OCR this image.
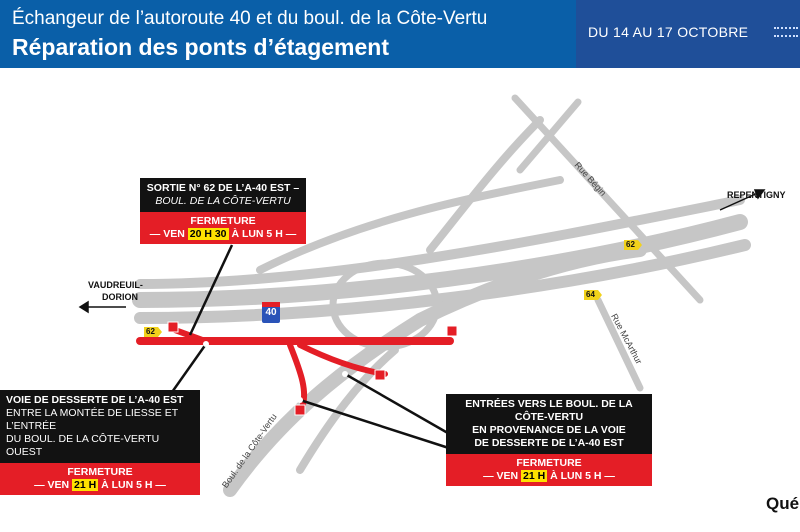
Échangeur de l’autoroute 40 et du boul. de la Côte-Vertu
Réparation des ponts d’étagement
DU 14 AU 17 OCTOBRE
40
62
64
62
REPENTIGNY
VAUDREUIL-
DORION
Rue Bégin
Rue McArthur
Boul. de la Côte-Vertu
SORTIE N° 62 DE L’A-40 EST –
BOUL. DE LA CÔTE-VERTU
FERMETURE
— VEN 20 H 30 À LUN 5 H —
VOIE DE DESSERTE DE L’A-40 EST
ENTRE LA MONTÉE DE LIESSE ET L’ENTRÉE
DU BOUL. DE LA CÔTE-VERTU OUEST
FERMETURE
— VEN 21 H À LUN 5 H —
ENTRÉES VERS LE BOUL. DE LA CÔTE-VERTU
EN PROVENANCE DE LA VOIE
DE DESSERTE DE L’A-40 EST
FERMETURE
— VEN 21 H À LUN 5 H —
Qué
